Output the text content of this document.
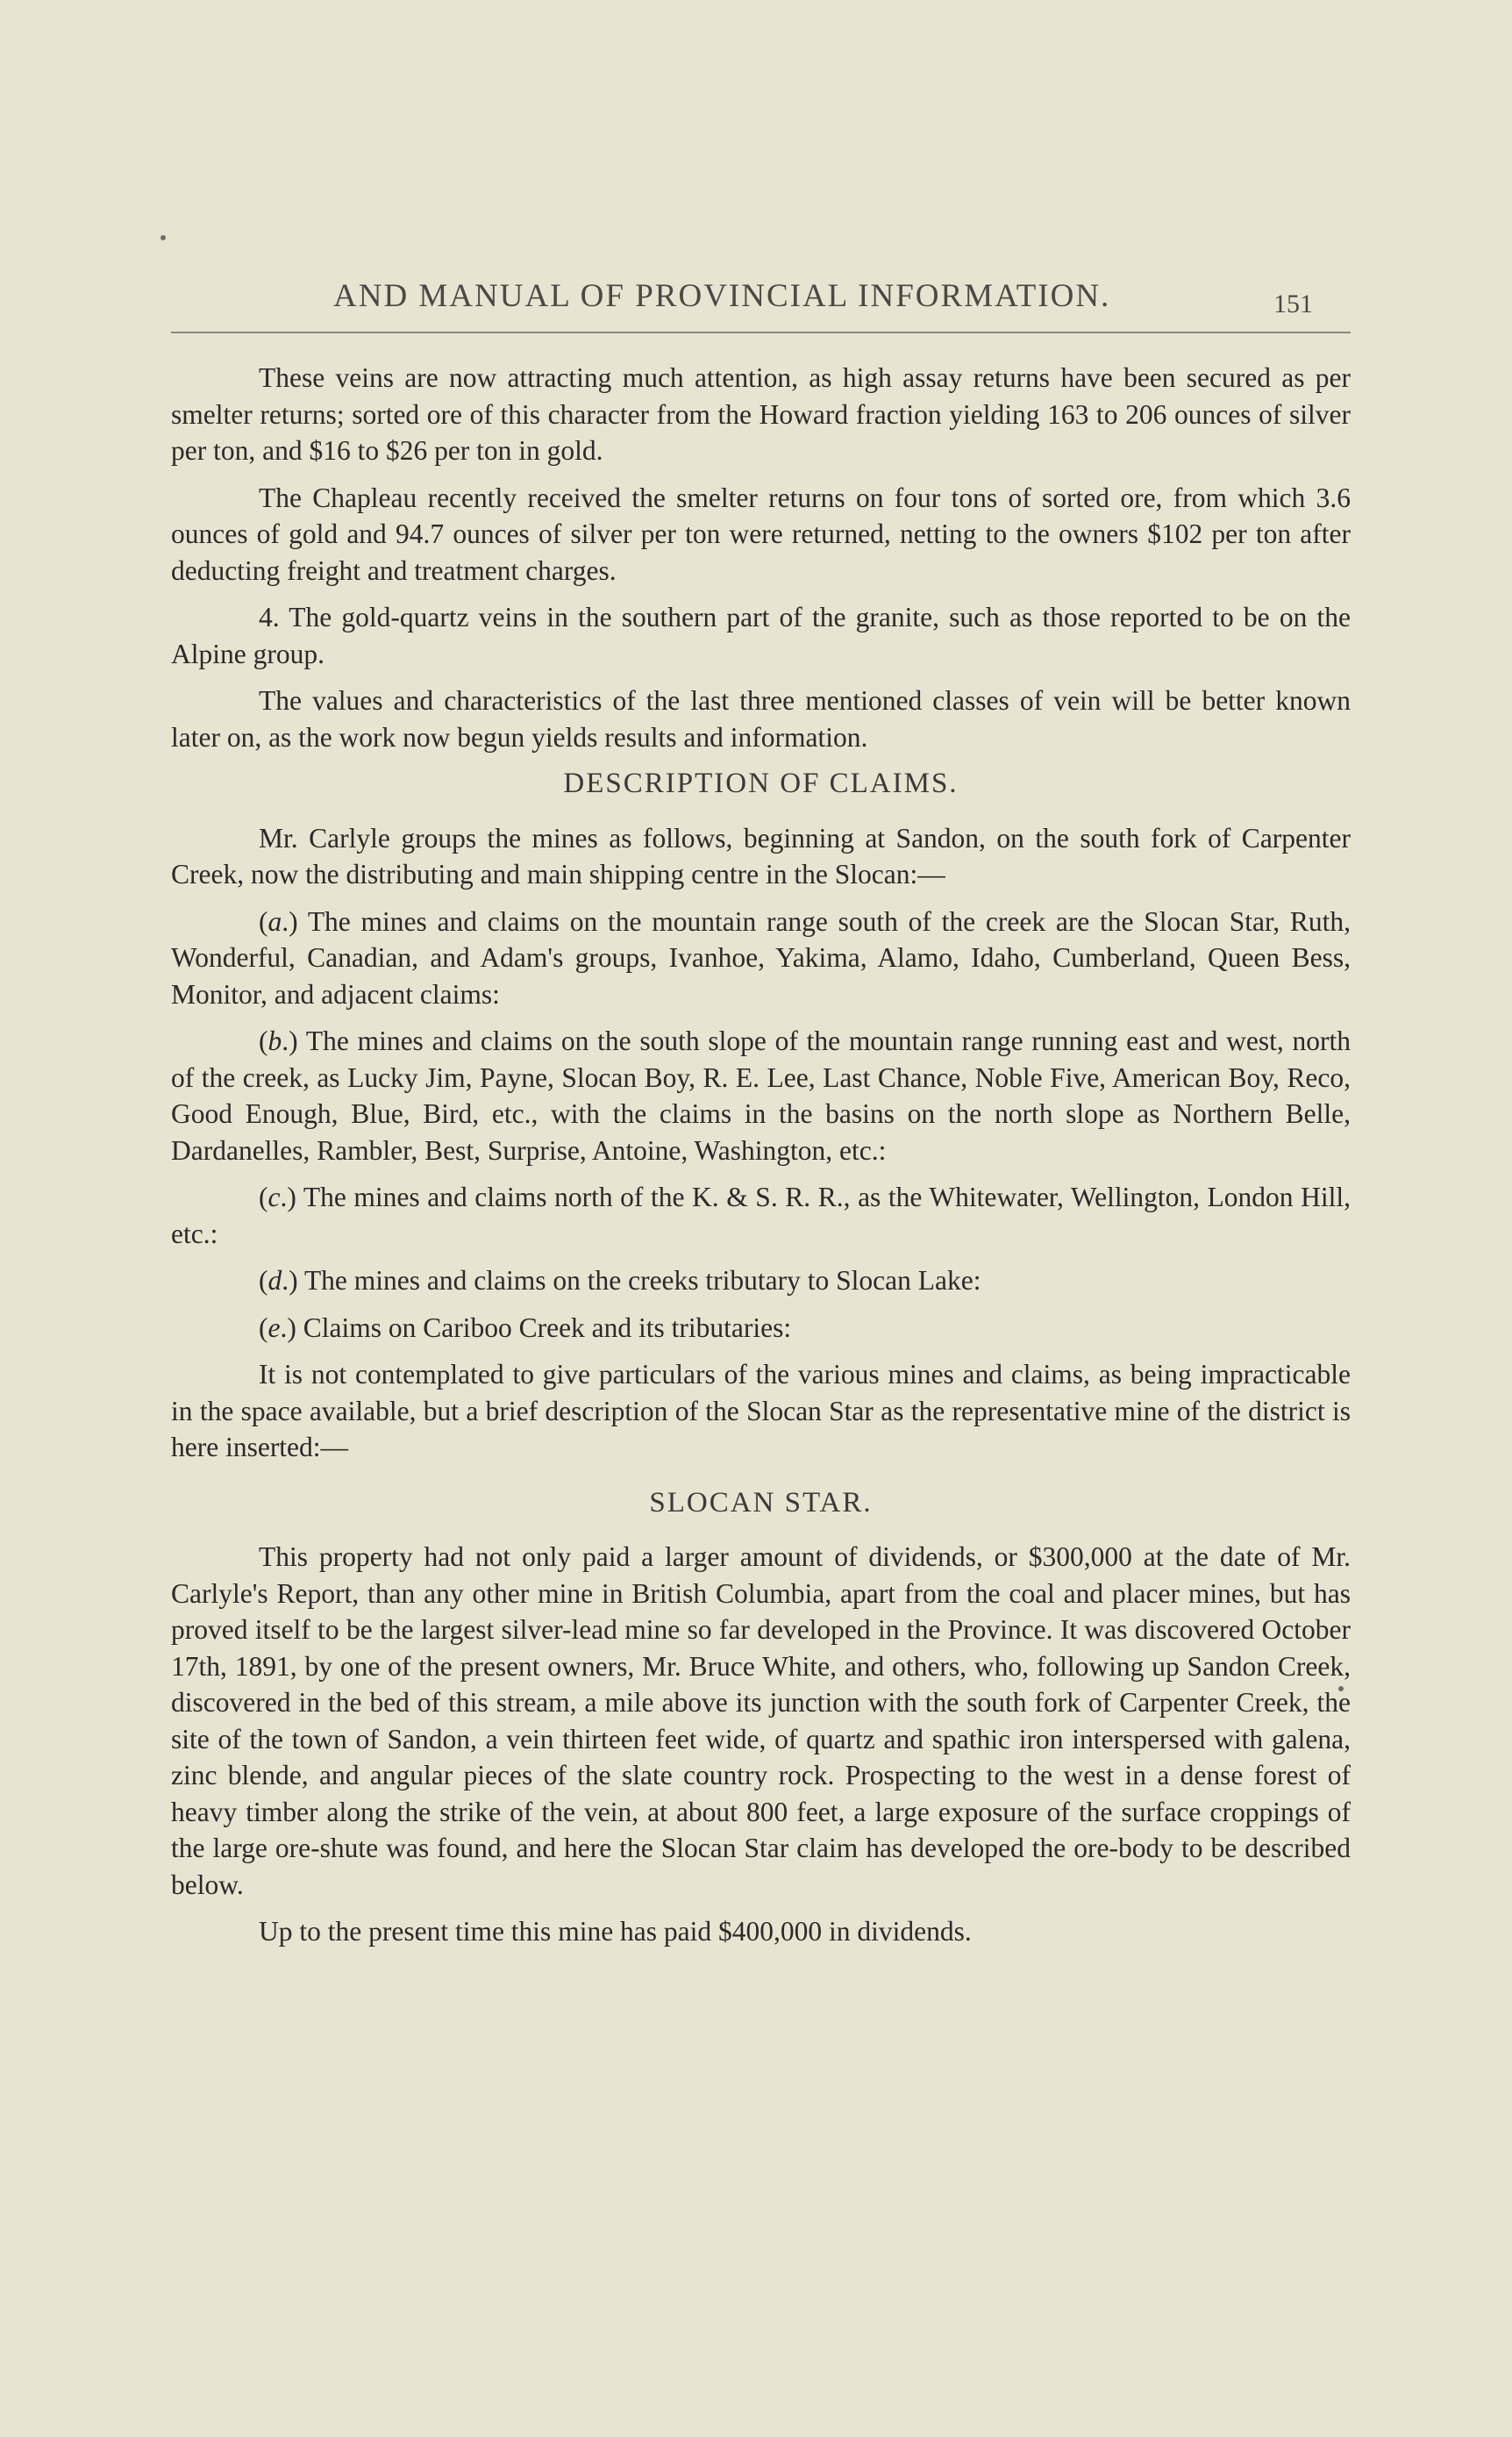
AND MANUAL OF PROVINCIAL INFORMATION.	151

These veins are now attracting much attention, as high assay returns have been secured as per smelter returns; sorted ore of this character from the Howard fraction yielding 163 to 206 ounces of silver per ton, and $16 to $26 per ton in gold.

The Chapleau recently received the smelter returns on four tons of sorted ore, from which 3.6 ounces of gold and 94.7 ounces of silver per ton were returned, netting to the owners $102 per ton after deducting freight and treatment charges.

4. The gold-quartz veins in the southern part of the granite, such as those reported to be on the Alpine group.

The values and characteristics of the last three mentioned classes of vein will be better known later on, as the work now begun yields results and information.

DESCRIPTION OF CLAIMS.

Mr. Carlyle groups the mines as follows, beginning at Sandon, on the south fork of Carpenter Creek, now the distributing and main shipping centre in the Slocan:—

(a.) The mines and claims on the mountain range south of the creek are the Slocan Star, Ruth, Wonderful, Canadian, and Adam's groups, Ivanhoe, Yakima, Alamo, Idaho, Cumberland, Queen Bess, Monitor, and adjacent claims:
(b.) The mines and claims on the south slope of the mountain range running east and west, north of the creek, as Lucky Jim, Payne, Slocan Boy, R. E. Lee, Last Chance, Noble Five, American Boy, Reco, Good Enough, Blue, Bird, etc., with the claims in the basins on the north slope as Northern Belle, Dardanelles, Rambler, Best, Surprise, Antoine, Washington, etc.:
(c.) The mines and claims north of the K. & S. R. R., as the Whitewater, Wellington, London Hill, etc.:
(d.) The mines and claims on the creeks tributary to Slocan Lake:
(e.) Claims on Cariboo Creek and its tributaries:

It is not contemplated to give particulars of the various mines and claims, as being impracticable in the space available, but a brief description of the Slocan Star as the representative mine of the district is here inserted:—

SLOCAN STAR.

This property had not only paid a larger amount of dividends, or $300,000 at the date of Mr. Carlyle's Report, than any other mine in British Columbia, apart from the coal and placer mines, but has proved itself to be the largest silver-lead mine so far developed in the Province. It was discovered October 17th, 1891, by one of the present owners, Mr. Bruce White, and others, who, following up Sandon Creek, discovered in the bed of this stream, a mile above its junction with the south fork of Carpenter Creek, the site of the town of Sandon, a vein thirteen feet wide, of quartz and spathic iron interspersed with galena, zinc blende, and angular pieces of the slate country rock. Prospecting to the west in a dense forest of heavy timber along the strike of the vein, at about 800 feet, a large exposure of the surface croppings of the large ore-shute was found, and here the Slocan Star claim has developed the ore-body to be described below.

Up to the present time this mine has paid $400,000 in dividends.
